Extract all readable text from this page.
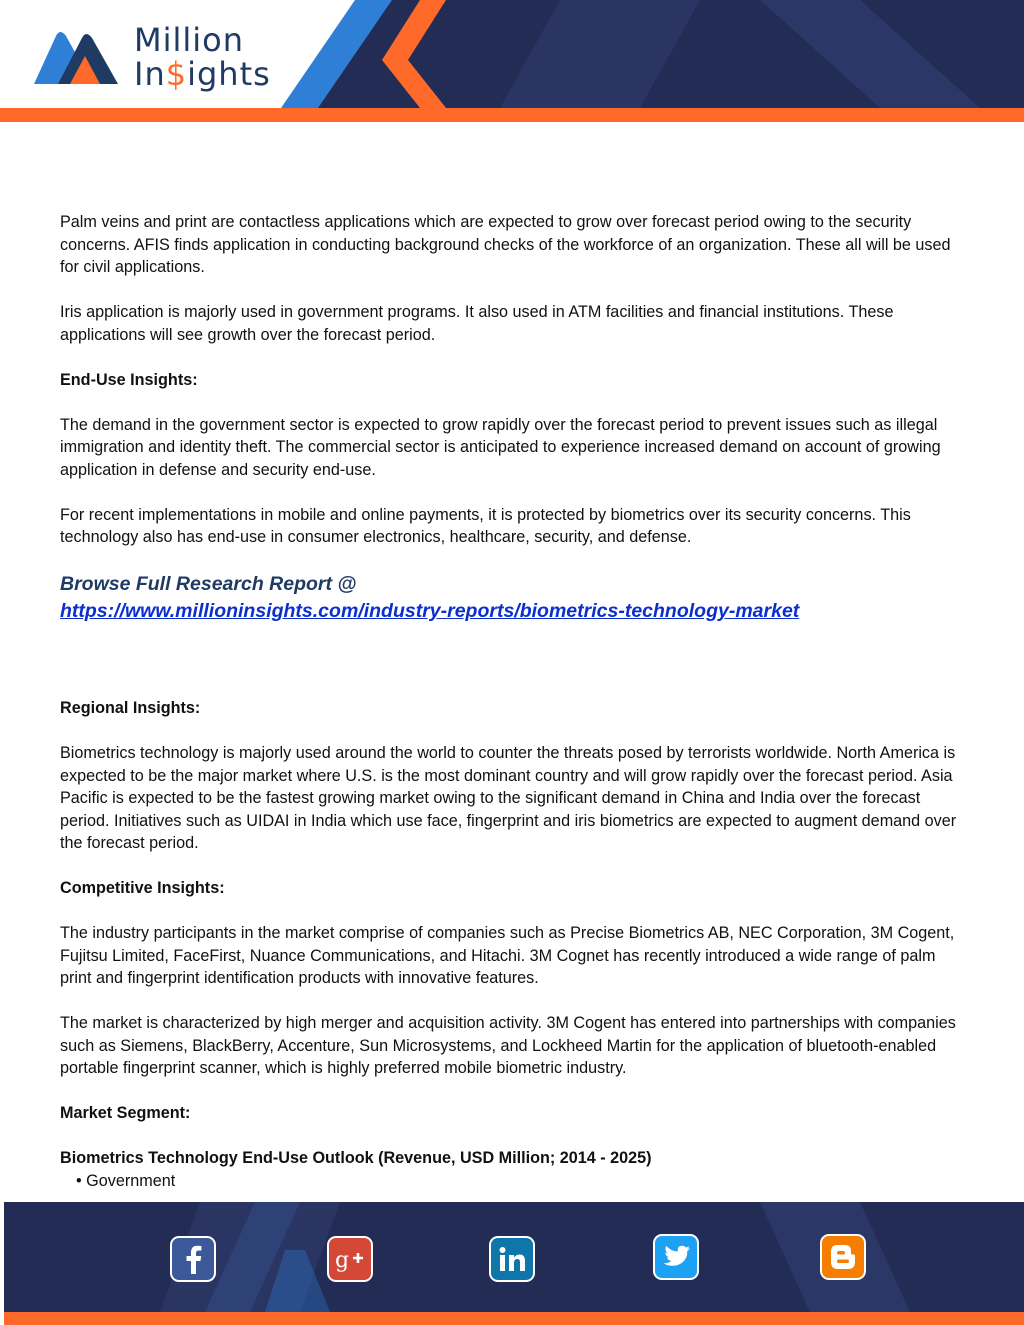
Million
In$ights

Palm veins and print are contactless applications which are expected to grow over forecast period owing to the security concerns. AFIS finds application in conducting background checks of the workforce of an organization. These all will be used for civil applications.

Iris application is majorly used in government programs. It also used in ATM facilities and financial institutions. These applications will see growth over the forecast period.

End-Use Insights:

The demand in the government sector is expected to grow rapidly over the forecast period to prevent issues such as illegal immigration and identity theft. The commercial sector is anticipated to experience increased demand on account of growing application in defense and security end-use.

For recent implementations in mobile and online payments, it is protected by biometrics over its security concerns. This technology also has end-use in consumer electronics, healthcare, security, and defense.

Browse Full Research Report @
https://www.millioninsights.com/industry-reports/biometrics-technology-market
Regional Insights:

Biometrics technology is majorly used around the world to counter the threats posed by terrorists worldwide. North America is expected to be the major market where U.S. is the most dominant country and will grow rapidly over the forecast period. Asia Pacific is expected to be the fastest growing market owing to the significant demand in China and India over the forecast period. Initiatives such as UIDAI in India which use face, fingerprint and iris biometrics are expected to augment demand over the forecast period.

Competitive Insights:

The industry participants in the market comprise of companies such as Precise Biometrics AB, NEC Corporation, 3M Cogent, Fujitsu Limited, FaceFirst, Nuance Communications, and Hitachi. 3M Cognet has recently introduced a wide range of palm print and fingerprint identification products with innovative features.

The market is characterized by high merger and acquisition activity. 3M Cogent has entered into partnerships with companies such as Siemens, BlackBerry, Accenture, Sun Microsystems, and Lockheed Martin for the application of bluetooth-enabled portable fingerprint scanner, which is highly preferred mobile biometric industry.

Market Segment:
Biometrics Technology End-Use Outlook (Revenue, USD Million; 2014 - 2025)
• Government
g
